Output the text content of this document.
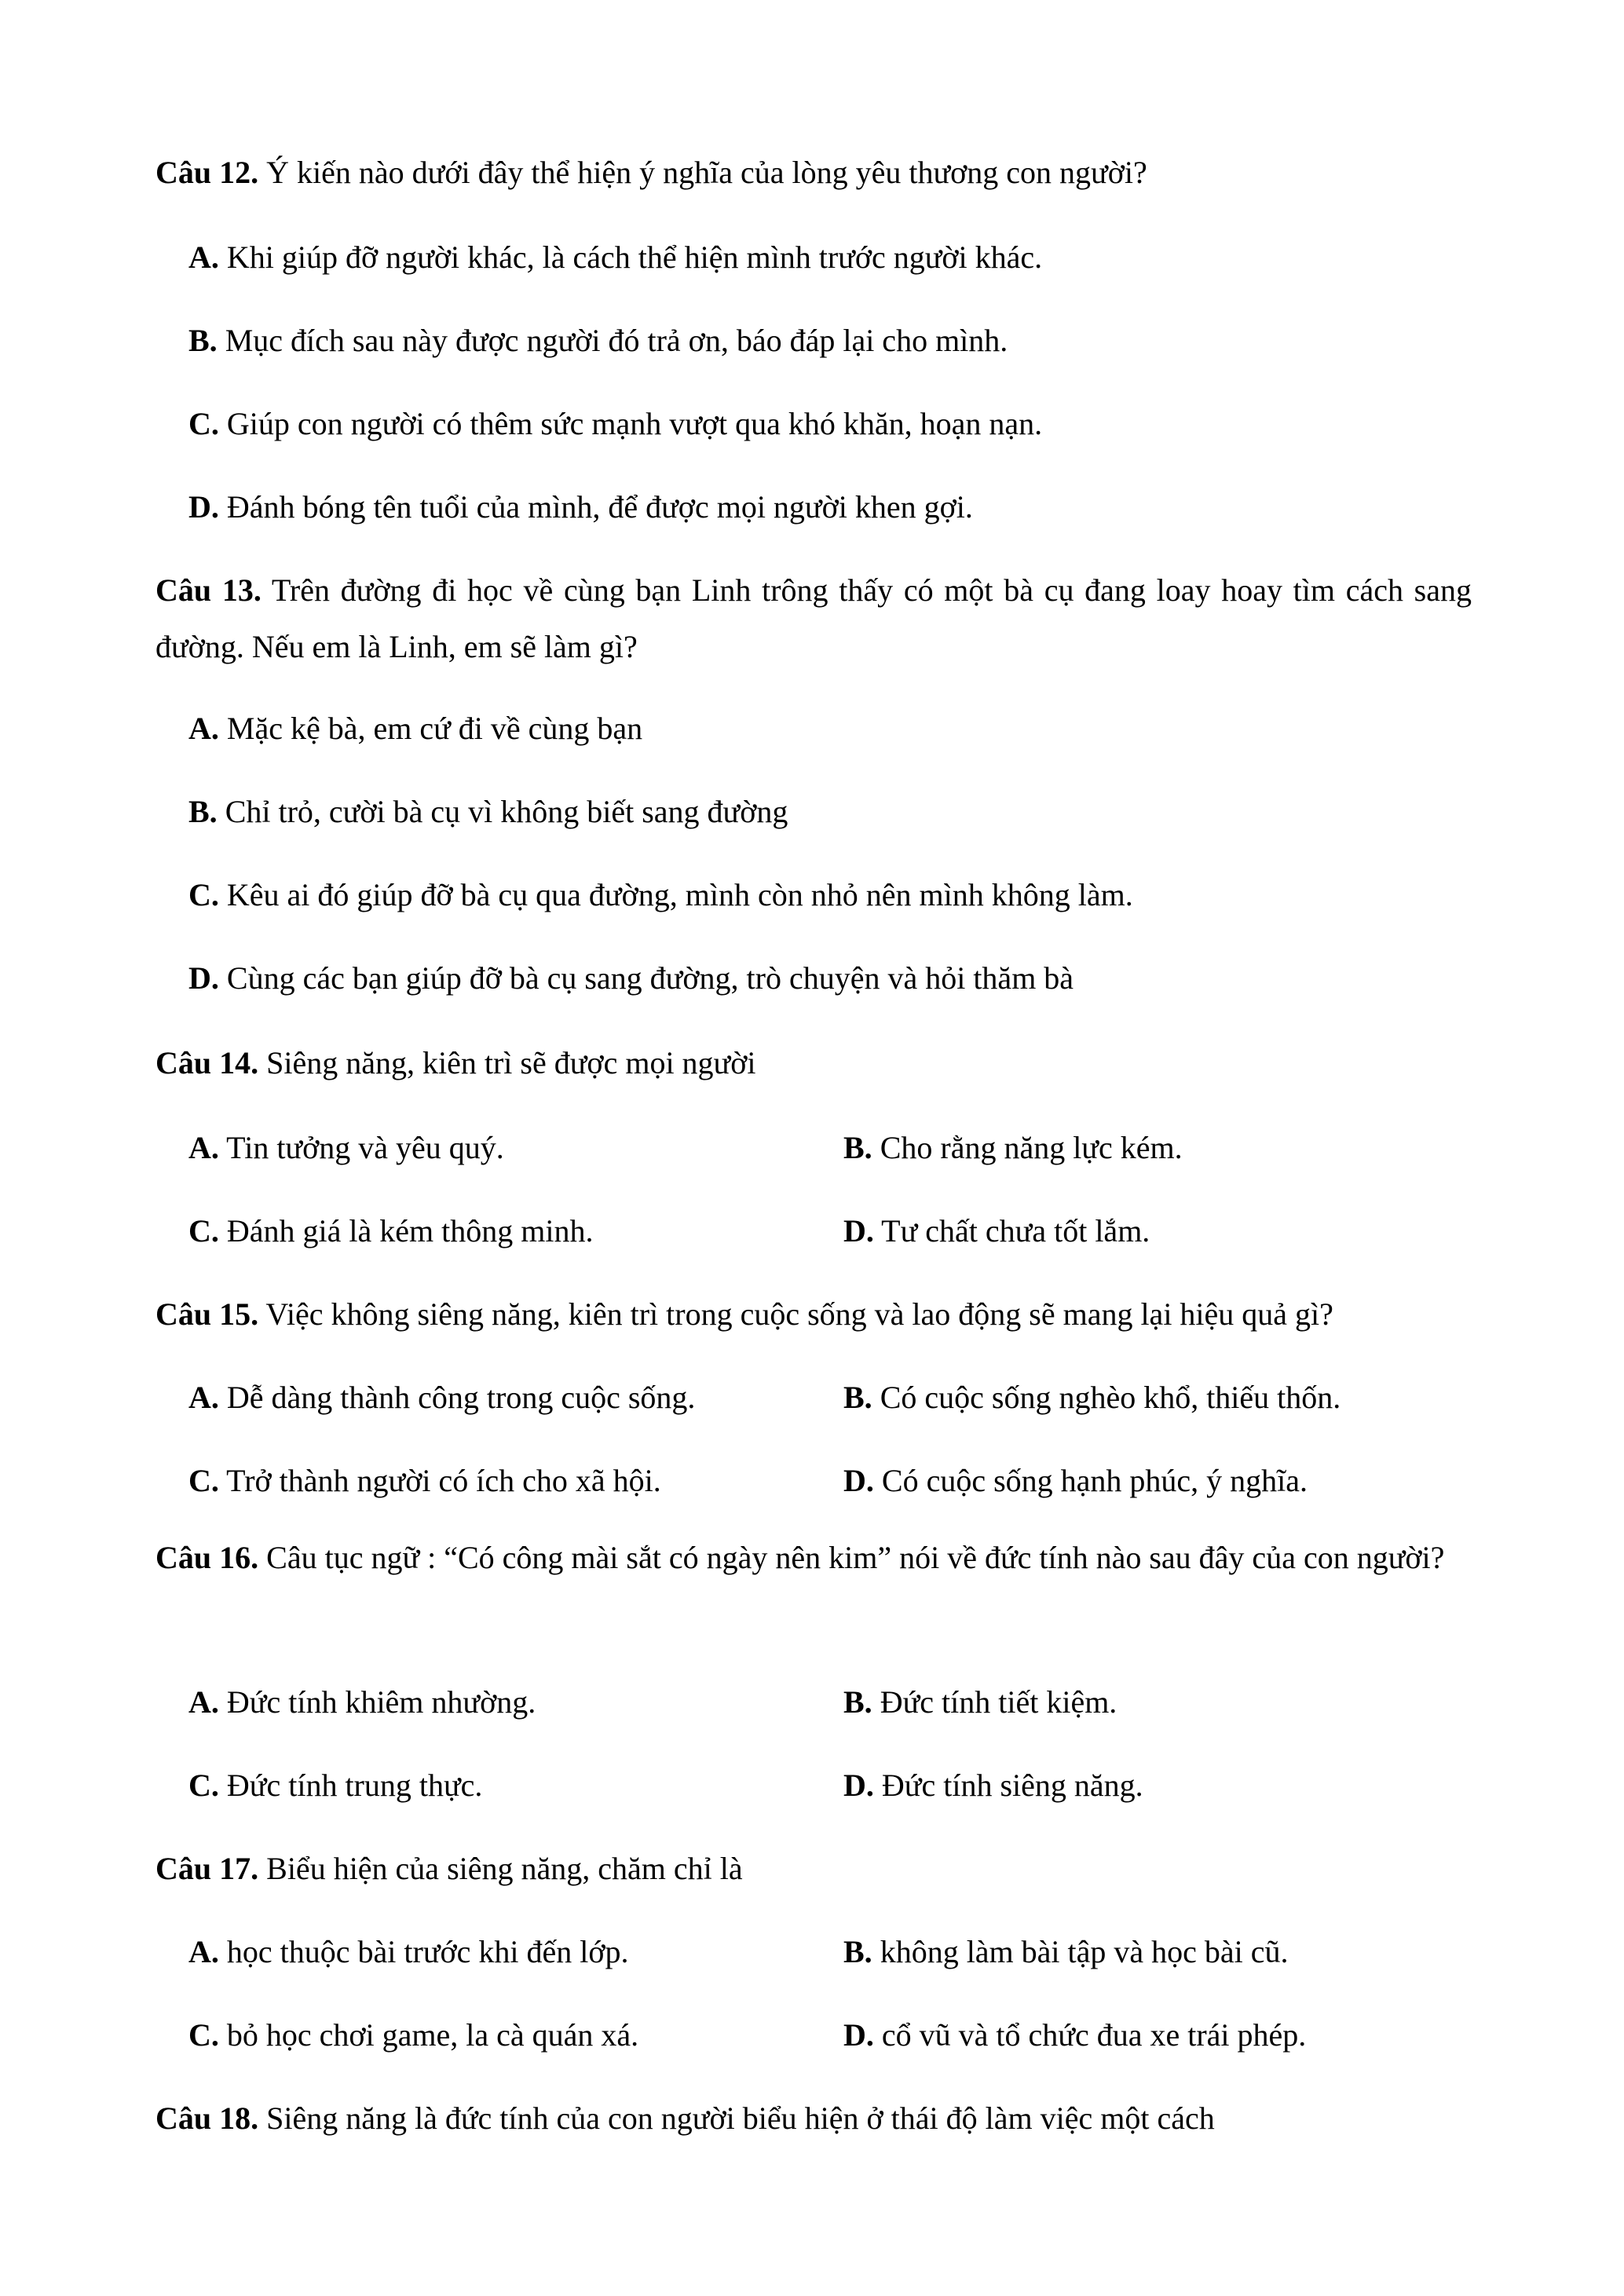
Câu 12. Ý kiến nào dưới đây thể hiện ý nghĩa của lòng yêu thương con người?
A. Khi giúp đỡ người khác, là cách thể hiện mình trước người khác.
B. Mục đích sau này được người đó trả ơn, báo đáp lại cho mình.
C. Giúp con người có thêm sức mạnh vượt qua khó khăn, hoạn nạn.
D. Đánh bóng tên tuổi của mình, để được mọi người khen gợi.
Câu 13. Trên đường đi học về cùng bạn Linh trông thấy có một bà cụ đang loay hoay tìm cách sang đường. Nếu em là Linh, em sẽ làm gì?
A. Mặc kệ bà, em cứ đi về cùng bạn
B. Chỉ trỏ, cười bà cụ vì không biết sang đường
C. Kêu ai đó giúp đỡ bà cụ qua đường, mình còn nhỏ nên mình không làm.
D. Cùng các bạn giúp đỡ bà cụ sang đường, trò chuyện và hỏi thăm bà
Câu 14. Siêng năng, kiên trì sẽ được mọi người
A. Tin tưởng và yêu quý.	B. Cho rằng năng lực kém.
C. Đánh giá là kém thông minh.	D. Tư chất chưa tốt lắm.
Câu 15. Việc không siêng năng, kiên trì trong cuộc sống và lao động sẽ mang lại hiệu quả gì?
A. Dễ dàng thành công trong cuộc sống.	B. Có cuộc sống nghèo khổ, thiếu thốn.
C. Trở thành người có ích cho xã hội.	D. Có cuộc sống hạnh phúc, ý nghĩa.
Câu 16. Câu tục ngữ : “Có công mài sắt có ngày nên kim” nói về đức tính nào sau đây của con người?
A. Đức tính khiêm nhường.	B. Đức tính tiết kiệm.
C. Đức tính trung thực.	D. Đức tính siêng năng.
Câu 17. Biểu hiện của siêng năng, chăm chỉ là
A. học thuộc bài trước khi đến lớp.	B. không làm bài tập và học bài cũ.
C. bỏ học chơi game, la cà quán xá.	D. cổ vũ và tổ chức đua xe trái phép.
Câu 18. Siêng năng là đức tính của con người biểu hiện ở thái độ làm việc một cách
